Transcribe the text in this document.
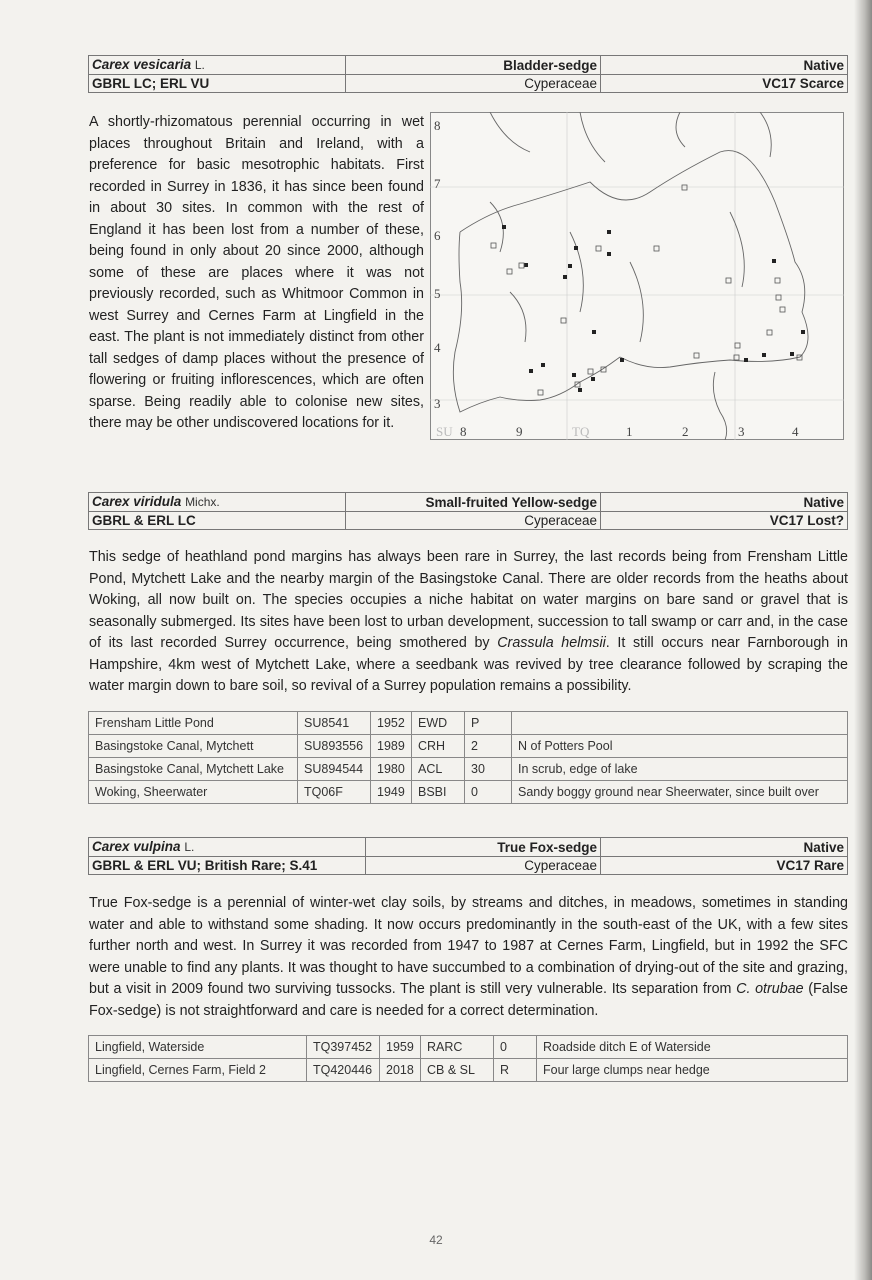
Carex vesicaria L.	Bladder-sedge	Native
GBRL LC; ERL VU	Cyperaceae	VC17 Scarce
A shortly-rhizomatous perennial occurring in wet places throughout Britain and Ireland, with a preference for basic mesotrophic habitats. First recorded in Surrey in 1836, it has since been found in about 30 sites. In common with the rest of England it has been lost from a number of these, being found in only about 20 since 2000, although some of these are places where it was not previously recorded, such as Whitmoor Common in west Surrey and Cernes Farm at Lingfield in the east. The plant is not immediately distinct from other tall sedges of damp places without the presence of flowering or fruiting inflorescences, which are often sparse. Being readily able to colonise new sites, there may be other undiscovered locations for it.
8
7
6
5
4
3
SU 8	9	TQ	1	2	3	4
Carex viridula Michx.	Small-fruited Yellow-sedge	Native
GBRL & ERL LC	Cyperaceae	VC17 Lost?
This sedge of heathland pond margins has always been rare in Surrey, the last records being from Frensham Little Pond, Mytchett Lake and the nearby margin of the Basingstoke Canal. There are older records from the heaths about Woking, all now built on. The species occupies a niche habitat on water margins on bare sand or gravel that is seasonally submerged. Its sites have been lost to urban development, succession to tall swamp or carr and, in the case of its last recorded Surrey occurrence, being smothered by Crassula helmsii. It still occurs near Farnborough in Hampshire, 4km west of Mytchett Lake, where a seedbank was revived by tree clearance followed by scraping the water margin down to bare soil, so revival of a Surrey population remains a possibility.
Frensham Little Pond	SU8541	1952	EWD	P	
Basingstoke Canal, Mytchett	SU893556	1989	CRH	2	N of Potters Pool
Basingstoke Canal, Mytchett Lake	SU894544	1980	ACL	30	In scrub, edge of lake
Woking, Sheerwater	TQ06F	1949	BSBI	0	Sandy boggy ground near Sheerwater, since built over
Carex vulpina L.	True Fox-sedge	Native
GBRL & ERL VU; British Rare; S.41	Cyperaceae	VC17 Rare
True Fox-sedge is a perennial of winter-wet clay soils, by streams and ditches, in meadows, sometimes in standing water and able to withstand some shading. It now occurs predominantly in the south-east of the UK, with a few sites further north and west. In Surrey it was recorded from 1947 to 1987 at Cernes Farm, Lingfield, but in 1992 the SFC were unable to find any plants. It was thought to have succumbed to a combination of drying-out of the site and grazing, but a visit in 2009 found two surviving tussocks. The plant is still very vulnerable. Its separation from C. otrubae (False Fox-sedge) is not straightforward and care is needed for a correct determination.
Lingfield, Waterside	TQ397452	1959	RARC	0	Roadside ditch E of Waterside
Lingfield, Cernes Farm, Field 2	TQ420446	2018	CB & SL	R	Four large clumps near hedge
42
